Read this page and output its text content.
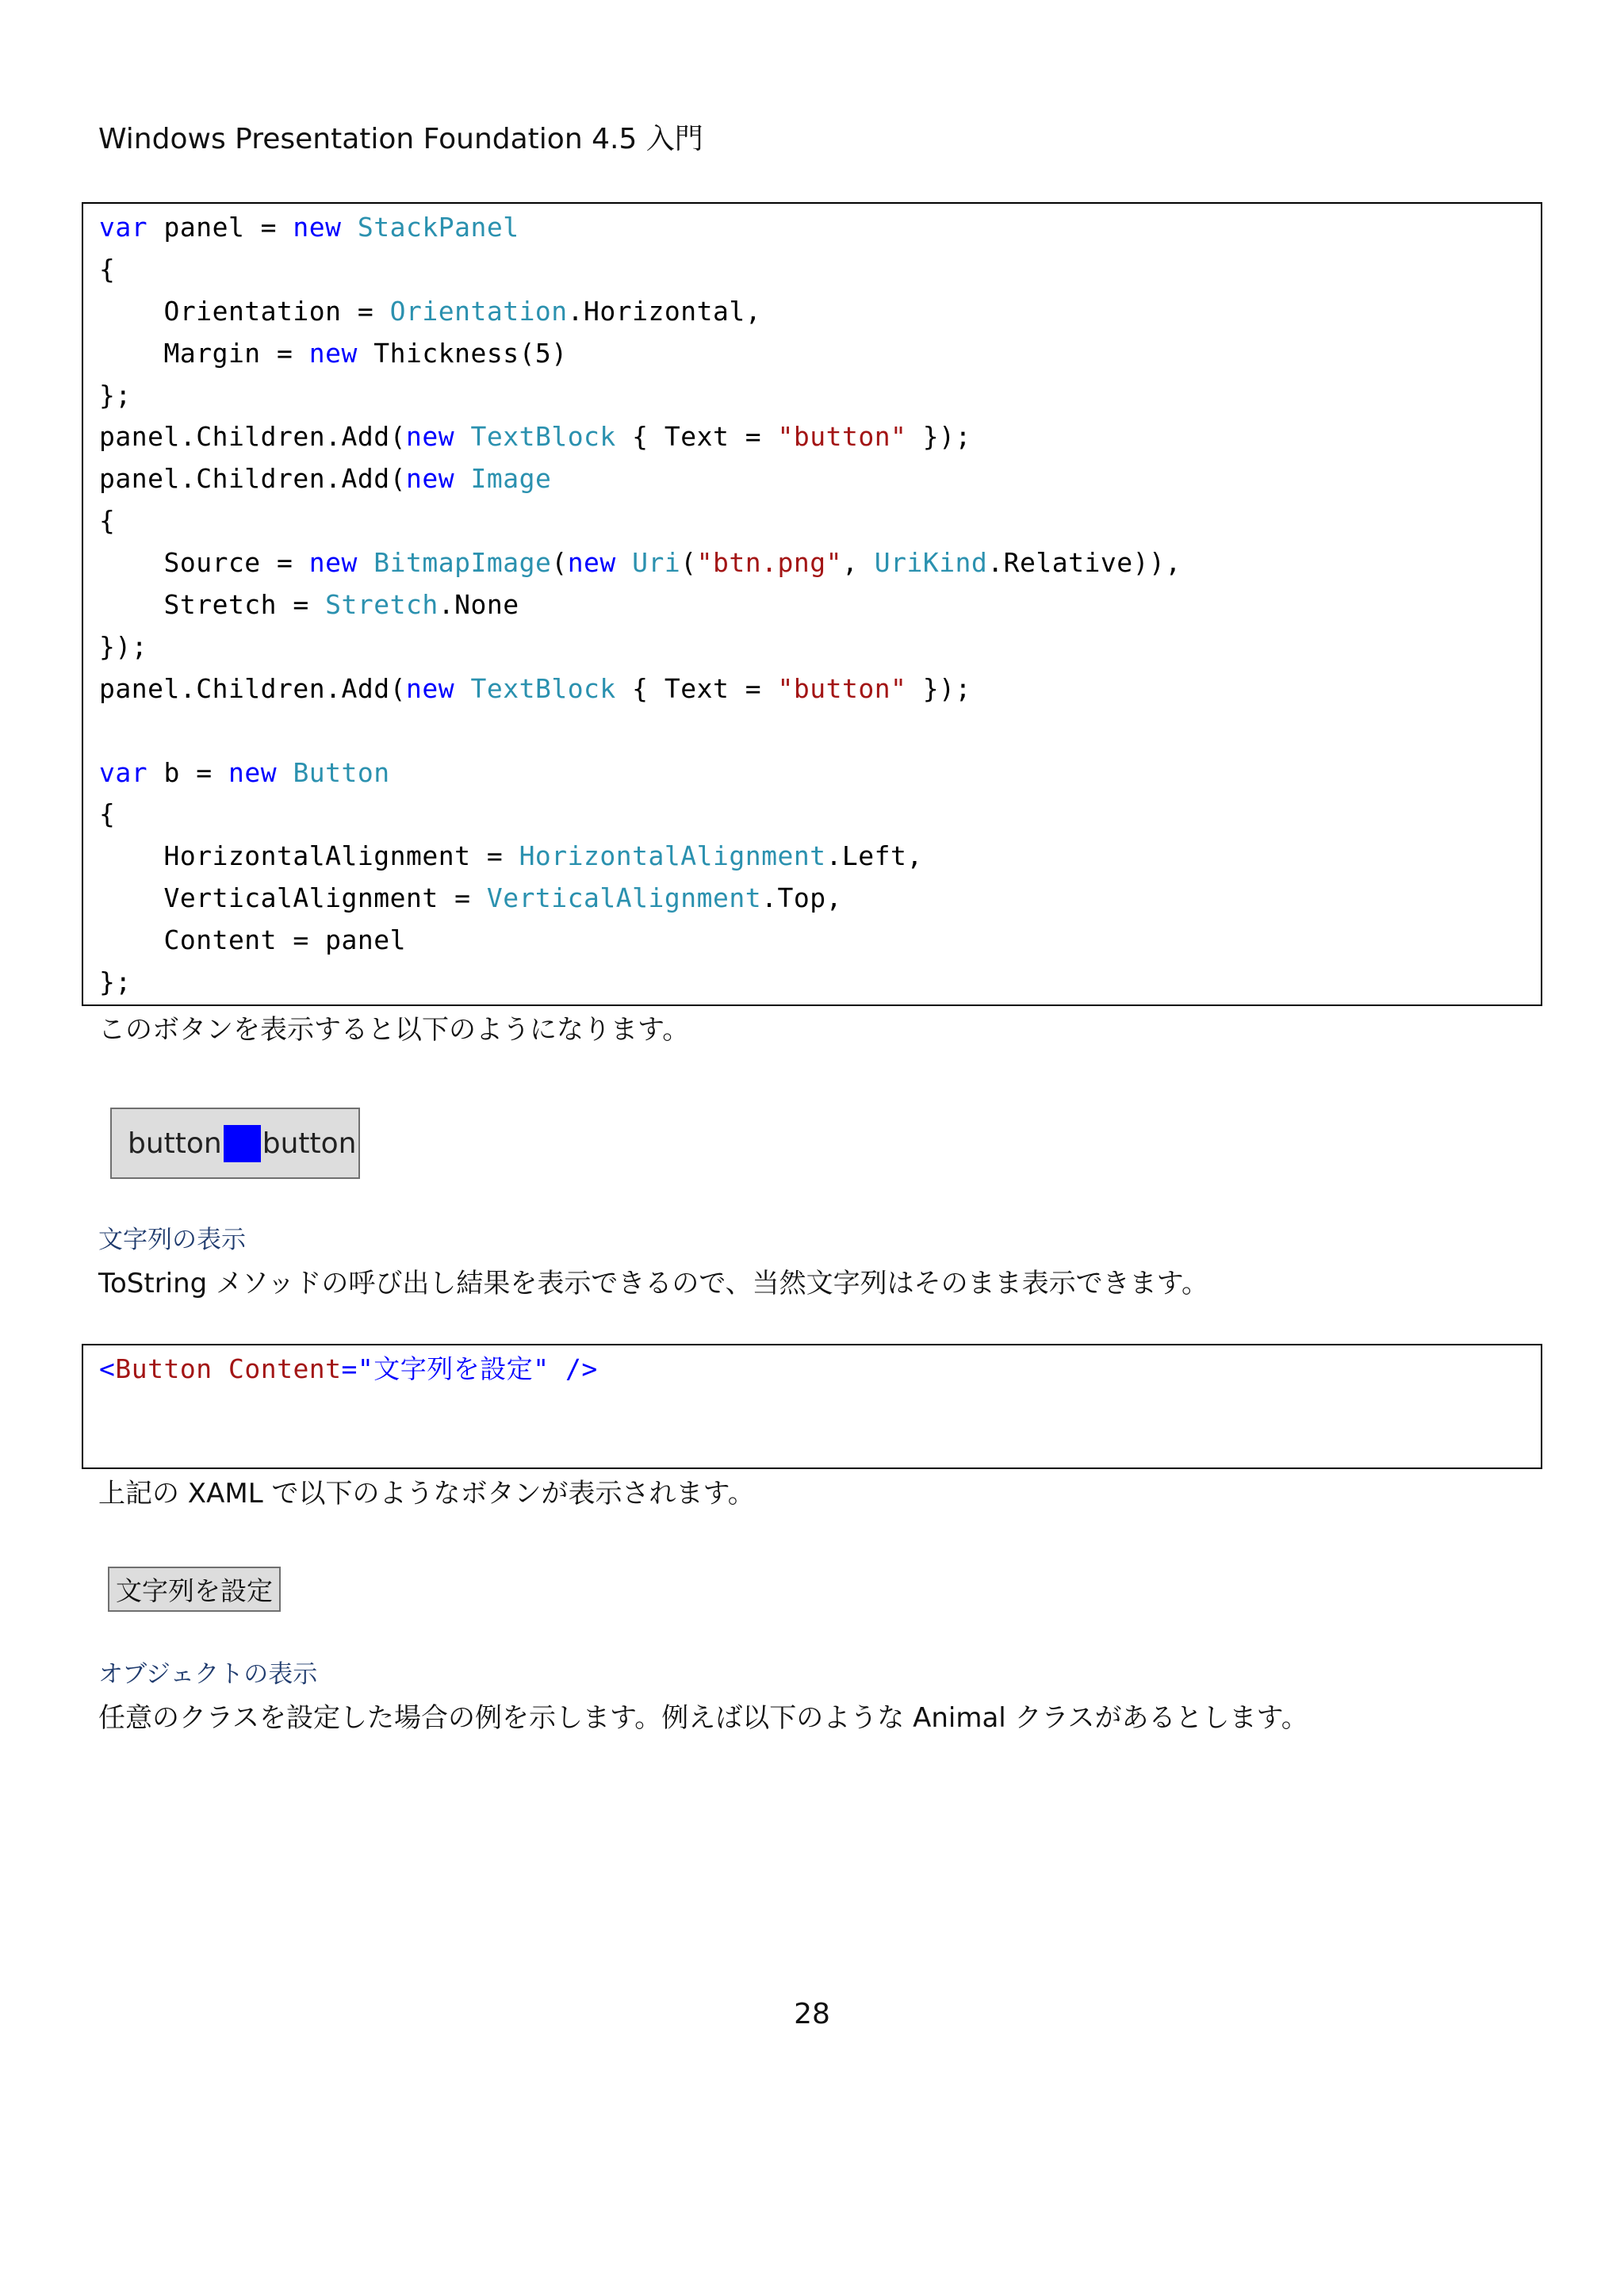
Windows Presentation Foundation 4.5 入門
var panel = new StackPanel
{
Orientation = Orientation.Horizontal,
Margin = new Thickness(5)
};
panel.Children.Add(new TextBlock { Text = "button" });
panel.Children.Add(new Image
{
Source = new BitmapImage(new Uri("btn.png", UriKind.Relative)),
Stretch = Stretch.None
});
panel.Children.Add(new TextBlock { Text = "button" });

var b = new Button
{
HorizontalAlignment = HorizontalAlignment.Left,
VerticalAlignment = VerticalAlignment.Top,
Content = panel
};
このボタンを表示すると以下のようになります。
button button
文字列の表示
ToString メソッドの呼び出し結果を表示できるので、当然文字列はそのまま表示できます。
<Button Content="文字列を設定" />
上記の XAML で以下のようなボタンが表示されます。
文字列を設定
オブジェクトの表示
任意のクラスを設定した場合の例を示します。例えば以下のような Animal クラスがあるとします。
28
